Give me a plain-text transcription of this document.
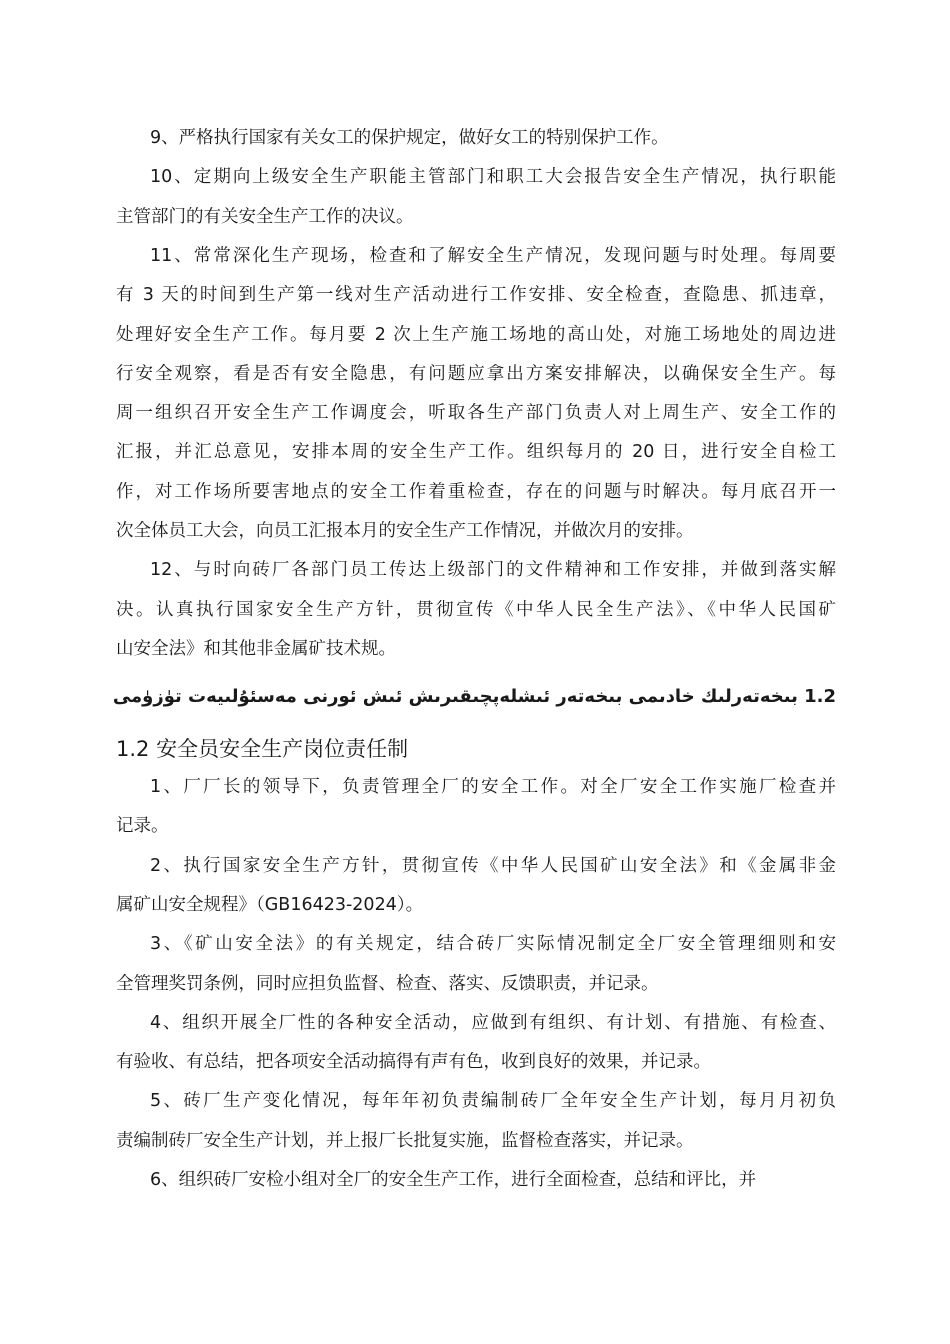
9、严格执行国家有关女工的保护规定，做好女工的特别保护工作。
10、定期向上级安全生产职能主管部门和职工大会报告安全生产情况，执行职能
主管部门的有关安全生产工作的决议。
11、常常深化生产现场，检查和了解安全生产情况，发现问题与时处理。每周要
有 3 天的时间到生产第一线对生产活动进行工作安排、安全检查，查隐患、抓违章，
处理好安全生产工作。每月要 2 次上生产施工场地的高山处，对施工场地处的周边进
行安全观察，看是否有安全隐患，有问题应拿出方案安排解决，以确保安全生产。每
周一组织召开安全生产工作调度会，听取各生产部门负责人对上周生产、安全工作的
汇报，并汇总意见，安排本周的安全生产工作。组织每月的 20 日，进行安全自检工
作，对工作场所要害地点的安全工作着重检查，存在的问题与时解决。每月底召开一
次全体员工大会，向员工汇报本月的安全生产工作情况，并做次月的安排。
12、与时向砖厂各部门员工传达上级部门的文件精神和工作安排，并做到落实解
决。认真执行国家安全生产方针，贯彻宣传《中华人民全生产法》、《中华人民国矿
山安全法》和其他非金属矿技术规。
1.2 بىخەتەرلىك خادىمى بىخەتەر ئىشلەپچىقىرىش ئىش ئورنى مەسئۇلىيەت تۈزۈمى
1.2 安全员安全生产岗位责任制
1、厂厂长的领导下，负责管理全厂的安全工作。对全厂安全工作实施厂检查并
记录。
2、执行国家安全生产方针，贯彻宣传《中华人民国矿山安全法》和《金属非金
属矿山安全规程》（GB16423-2024）。
3、《矿山安全法》的有关规定，结合砖厂实际情况制定全厂安全管理细则和安
全管理奖罚条例，同时应担负监督、检查、落实、反馈职责，并记录。
4、组织开展全厂性的各种安全活动，应做到有组织、有计划、有措施、有检查、
有验收、有总结，把各项安全活动搞得有声有色，收到良好的效果，并记录。
5、砖厂生产变化情况，每年年初负责编制砖厂全年安全生产计划，每月月初负
责编制砖厂安全生产计划，并上报厂长批复实施，监督检查落实，并记录。
6、组织砖厂安检小组对全厂的安全生产工作，进行全面检查，总结和评比，并
